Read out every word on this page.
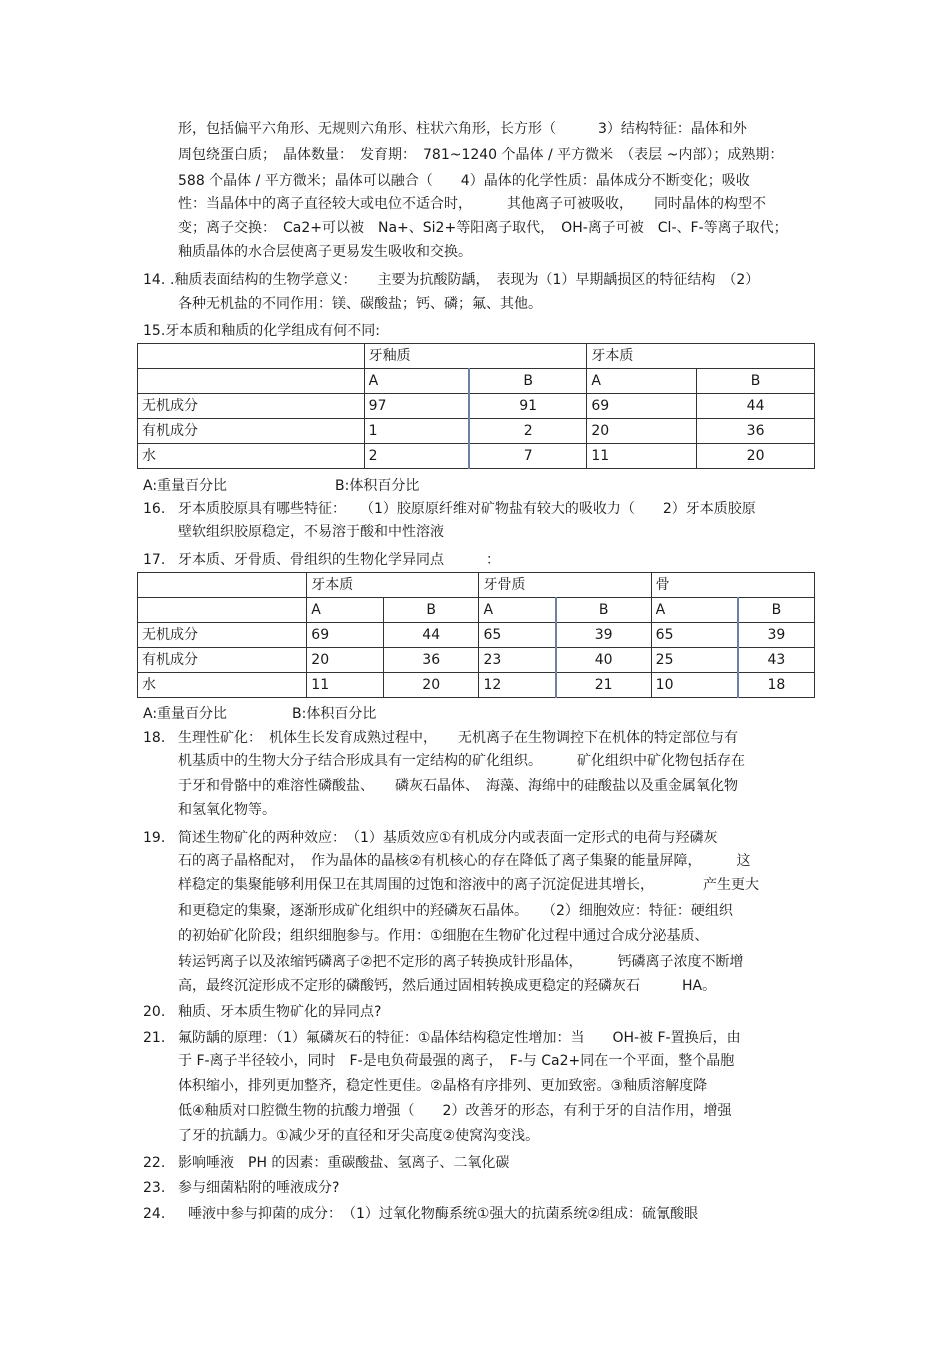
形，包括偏平六角形、无规则六角形、柱状六角形，长方形（　　　3）结构特征：晶体和外
周包绕蛋白质；　晶体数量：　发育期：　781~1240 个晶体 / 平方微米　（表层 ~内部）；成熟期：
588 个晶体 / 平方微米；晶体可以融合（　　4）晶体的化学性质：晶体成分不断变化；吸收
性：当晶体中的离子直径较大或电位不适合时，　　　其他离子可被吸收，　　同时晶体的构型不
变；离子交换：　Ca2+可以被　Na+、Si2+等阳离子取代，　OH-离子可被　Cl-、F-等离子取代；
釉质晶体的水合层使离子更易发生吸收和交换。
14. .釉质表面结构的生物学意义：　　主要为抗酸防龋，　表现为（1）早期龋损区的特征结构　（2）
各种无机盐的不同作用：镁、碳酸盐；钙、磷；氟、其他。
15.牙本质和釉质的化学组成有何不同:
	牙釉质		牙本质	
	A	B	A	B
无机成分	97	91	69	44
有机成分	1	2	20	36
水	2	7	11	20
A:重量百分比	B:体积百分比
16. 牙本质胶原具有哪些特征：　　（1）胶原原纤维对矿物盐有较大的吸收力（　　2）牙本质胶原
壁软组织胶原稳定，不易溶于酸和中性溶液
17. 牙本质、牙骨质、骨组织的生物化学异同点　　　：
	牙本质		牙骨质		骨	
	A	B	A	B	A	B
无机成分	69	44	65	39	65	39
有机成分	20	36	23	40	25	43
水	11	20	12	21	10	18
A:重量百分比	B:体积百分比
18. 生理性矿化：　机体生长发育成熟过程中，　　无机离子在生物调控下在机体的特定部位与有
机基质中的生物大分子结合形成具有一定结构的矿化组织。　　　矿化组织中矿化物包括存在
于牙和骨骼中的难溶性磷酸盐、　　磷灰石晶体、　海藻、海绵中的硅酸盐以及重金属氧化物
和氢氧化物等。
19. 简述生物矿化的两种效应：　（1）基质效应①有机成分内或表面一定形式的电荷与羟磷灰
石的离子晶格配对，　作为晶体的晶核②有机核心的存在降低了离子集聚的能量屏障，　　　这
样稳定的集聚能够利用保卫在其周围的过饱和溶液中的离子沉淀促进其增长，　　　　产生更大
和更稳定的集聚，逐渐形成矿化组织中的羟磷灰石晶体。　　（2）细胞效应：特征：硬组织
的初始矿化阶段；组织细胞参与。作用：①细胞在生物矿化过程中通过合成分泌基质、
转运钙离子以及浓缩钙磷离子②把不定形的离子转换成针形晶体，　　　钙磷离子浓度不断增
高，最终沉淀形成不定形的磷酸钙，然后通过固相转换成更稳定的羟磷灰石　　　HA。
20. 釉质、牙本质生物矿化的异同点?
21. 氟防龋的原理：（1）氟磷灰石的特征：①晶体结构稳定性增加：当　　OH-被 F-置换后，由
于 F-离子半径较小，同时　F-是电负荷最强的离子，　F-与 Ca2+同在一个平面，整个晶胞
体积缩小，排列更加整齐，稳定性更佳。②晶格有序排列、更加致密。③釉质溶解度降
低④釉质对口腔微生物的抗酸力增强（　　2）改善牙的形态，有利于牙的自洁作用，增强
了牙的抗龋力。①减少牙的直径和牙尖高度②使窝沟变浅。
22. 影响唾液　PH 的因素：重碳酸盐、氢离子、二氧化碳
23. 参与细菌粘附的唾液成分?
24. 唾液中参与抑菌的成分：　（1）过氧化物酶系统①强大的抗菌系统②组成：硫氰酸眼
